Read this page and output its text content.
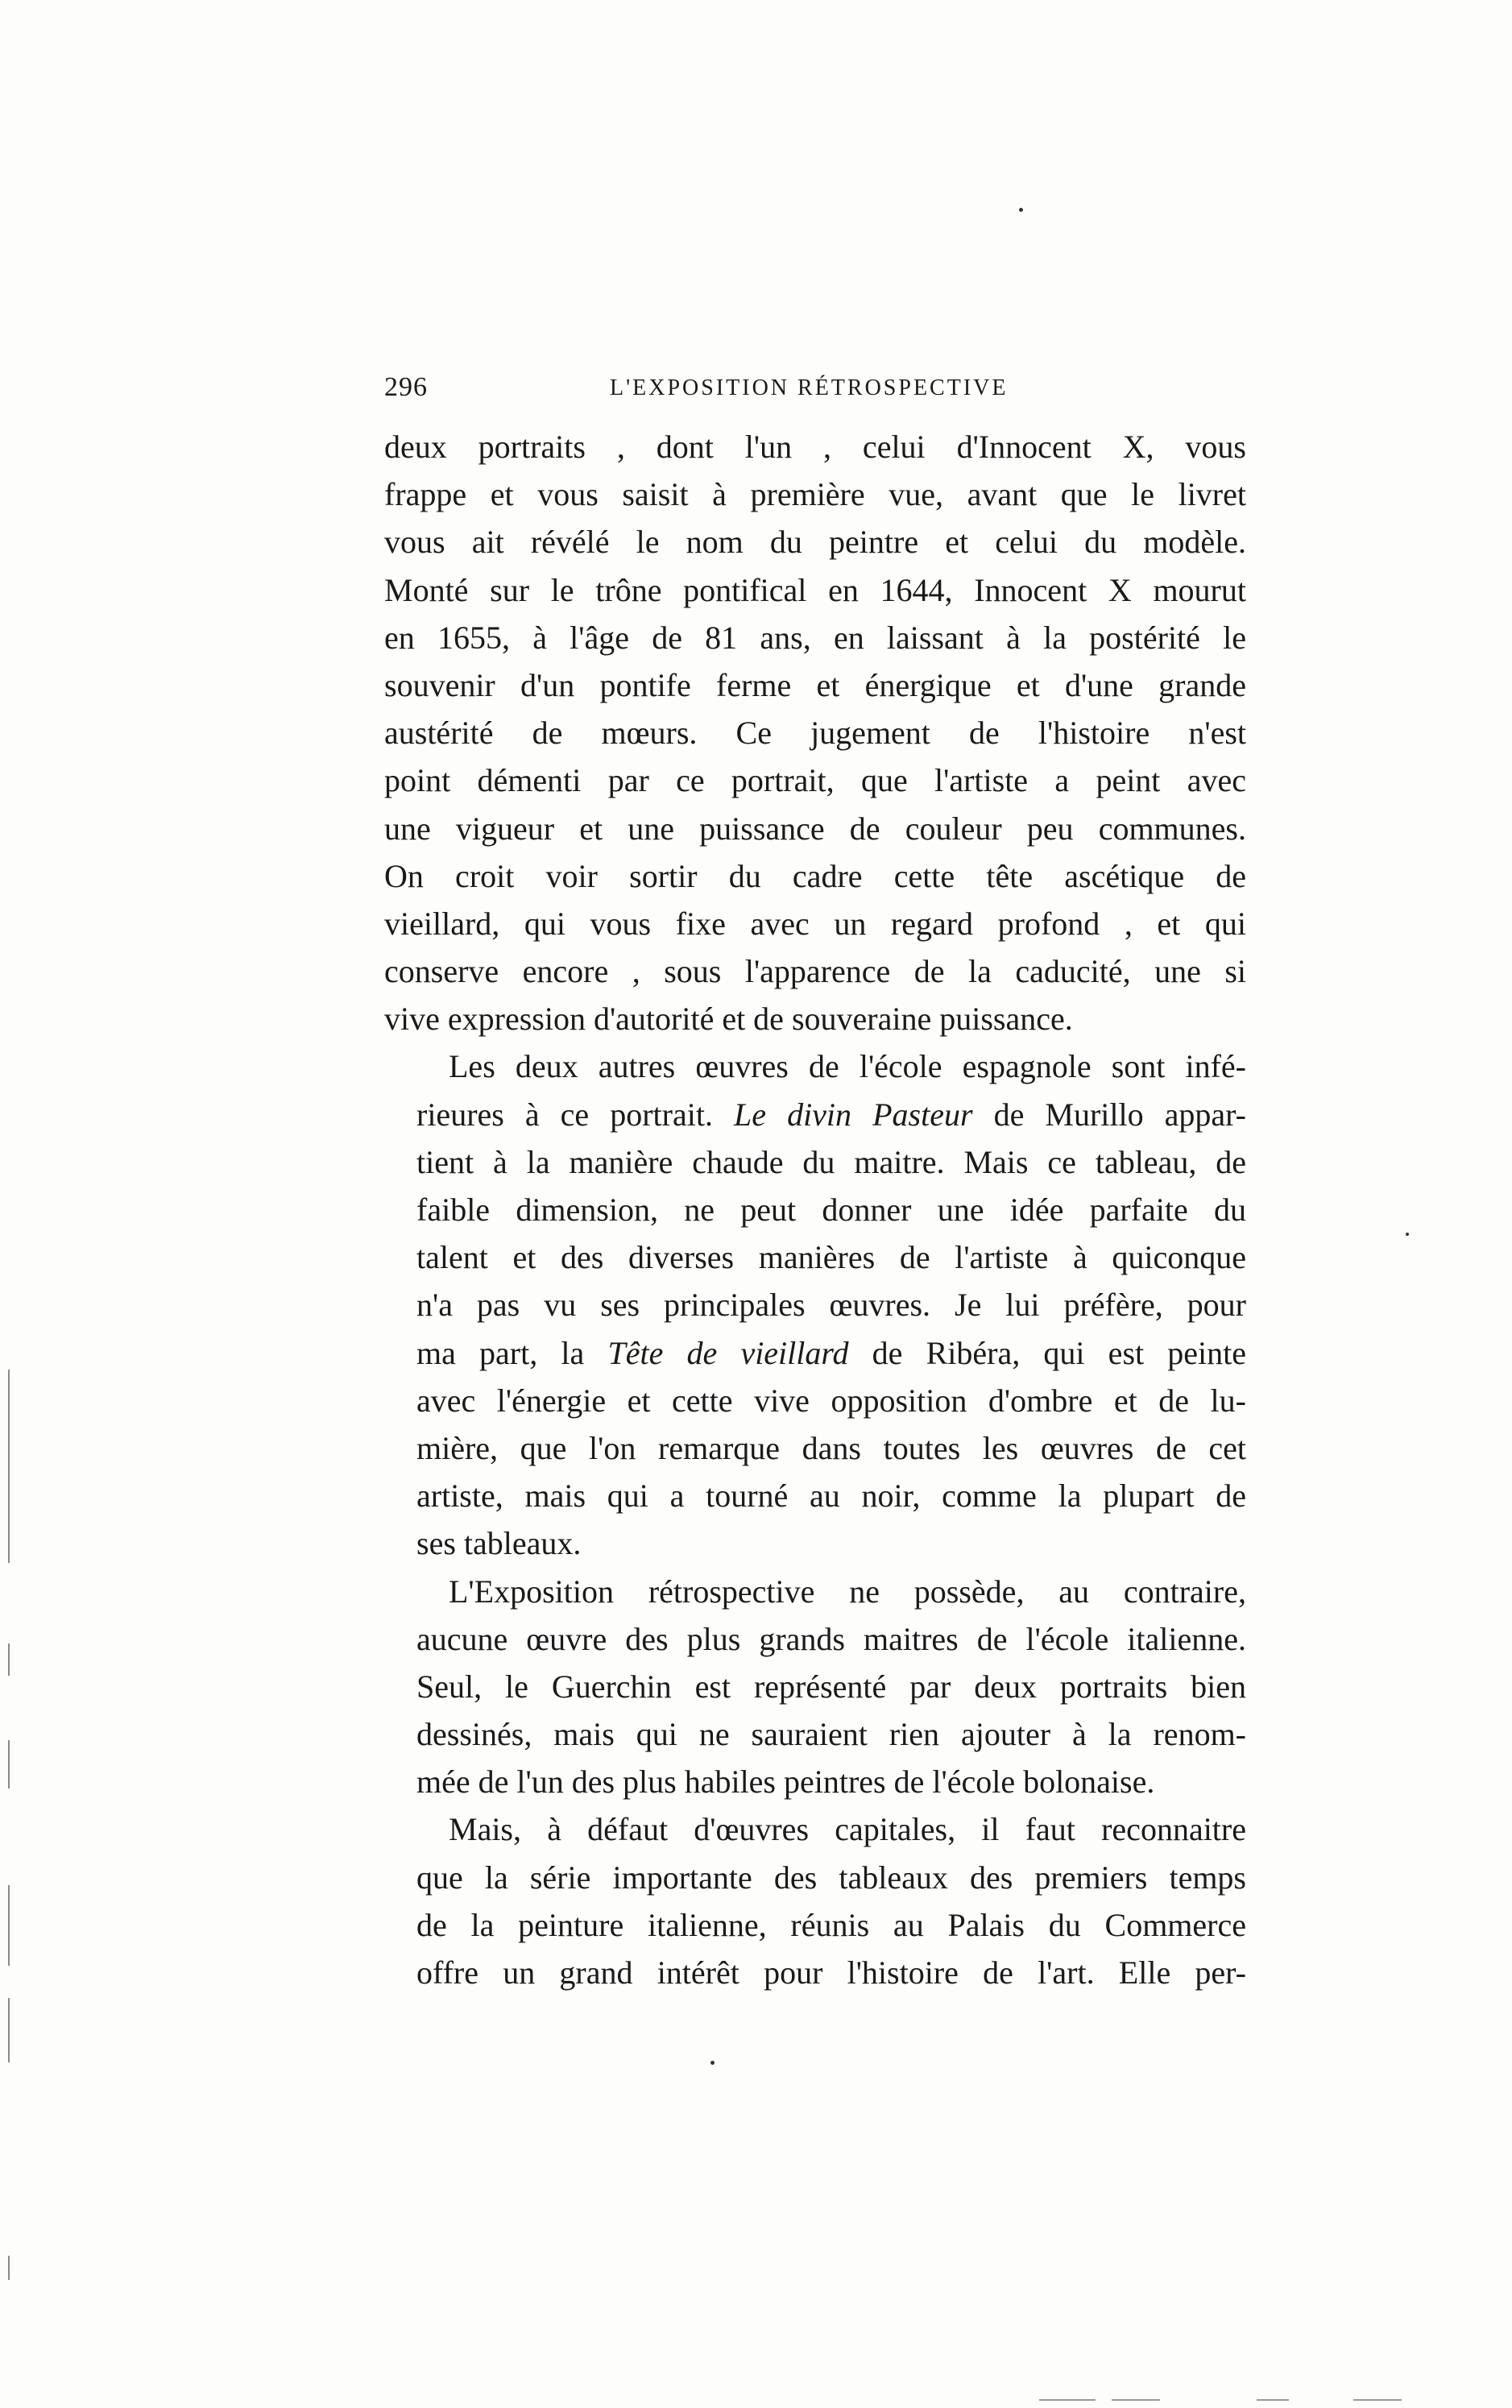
296	L'EXPOSITION RÉTROSPECTIVE
deux portraits , dont l'un , celui d'Innocent X, vous
frappe et vous saisit à première vue, avant que le livret
vous ait révélé le nom du peintre et celui du modèle.
Monté sur le trône pontifical en 1644, Innocent X mourut
en 1655, à l'âge de 81 ans, en laissant à la postérité le
souvenir d'un pontife ferme et énergique et d'une grande
austérité de mœurs. Ce jugement de l'histoire n'est
point démenti par ce portrait, que l'artiste a peint avec
une vigueur et une puissance de couleur peu communes.
On croit voir sortir du cadre cette tête ascétique de
vieillard, qui vous fixe avec un regard profond , et qui
conserve encore , sous l'apparence de la caducité, une si
vive expression d'autorité et de souveraine puissance.
Les deux autres œuvres de l'école espagnole sont infé-
rieures à ce portrait. Le divin Pasteur de Murillo appar-
tient à la manière chaude du maitre. Mais ce tableau, de
faible dimension, ne peut donner une idée parfaite du
talent et des diverses manières de l'artiste à quiconque
n'a pas vu ses principales œuvres. Je lui préfère, pour
ma part, la Tête de vieillard de Ribéra, qui est peinte
avec l'énergie et cette vive opposition d'ombre et de lu-
mière, que l'on remarque dans toutes les œuvres de cet
artiste, mais qui a tourné au noir, comme la plupart de
ses tableaux.
L'Exposition rétrospective ne possède, au contraire,
aucune œuvre des plus grands maitres de l'école italienne.
Seul, le Guerchin est représenté par deux portraits bien
dessinés, mais qui ne sauraient rien ajouter à la renom-
mée de l'un des plus habiles peintres de l'école bolonaise.
Mais, à défaut d'œuvres capitales, il faut reconnaitre
que la série importante des tableaux des premiers temps
de la peinture italienne, réunis au Palais du Commerce
offre un grand intérêt pour l'histoire de l'art. Elle per-
